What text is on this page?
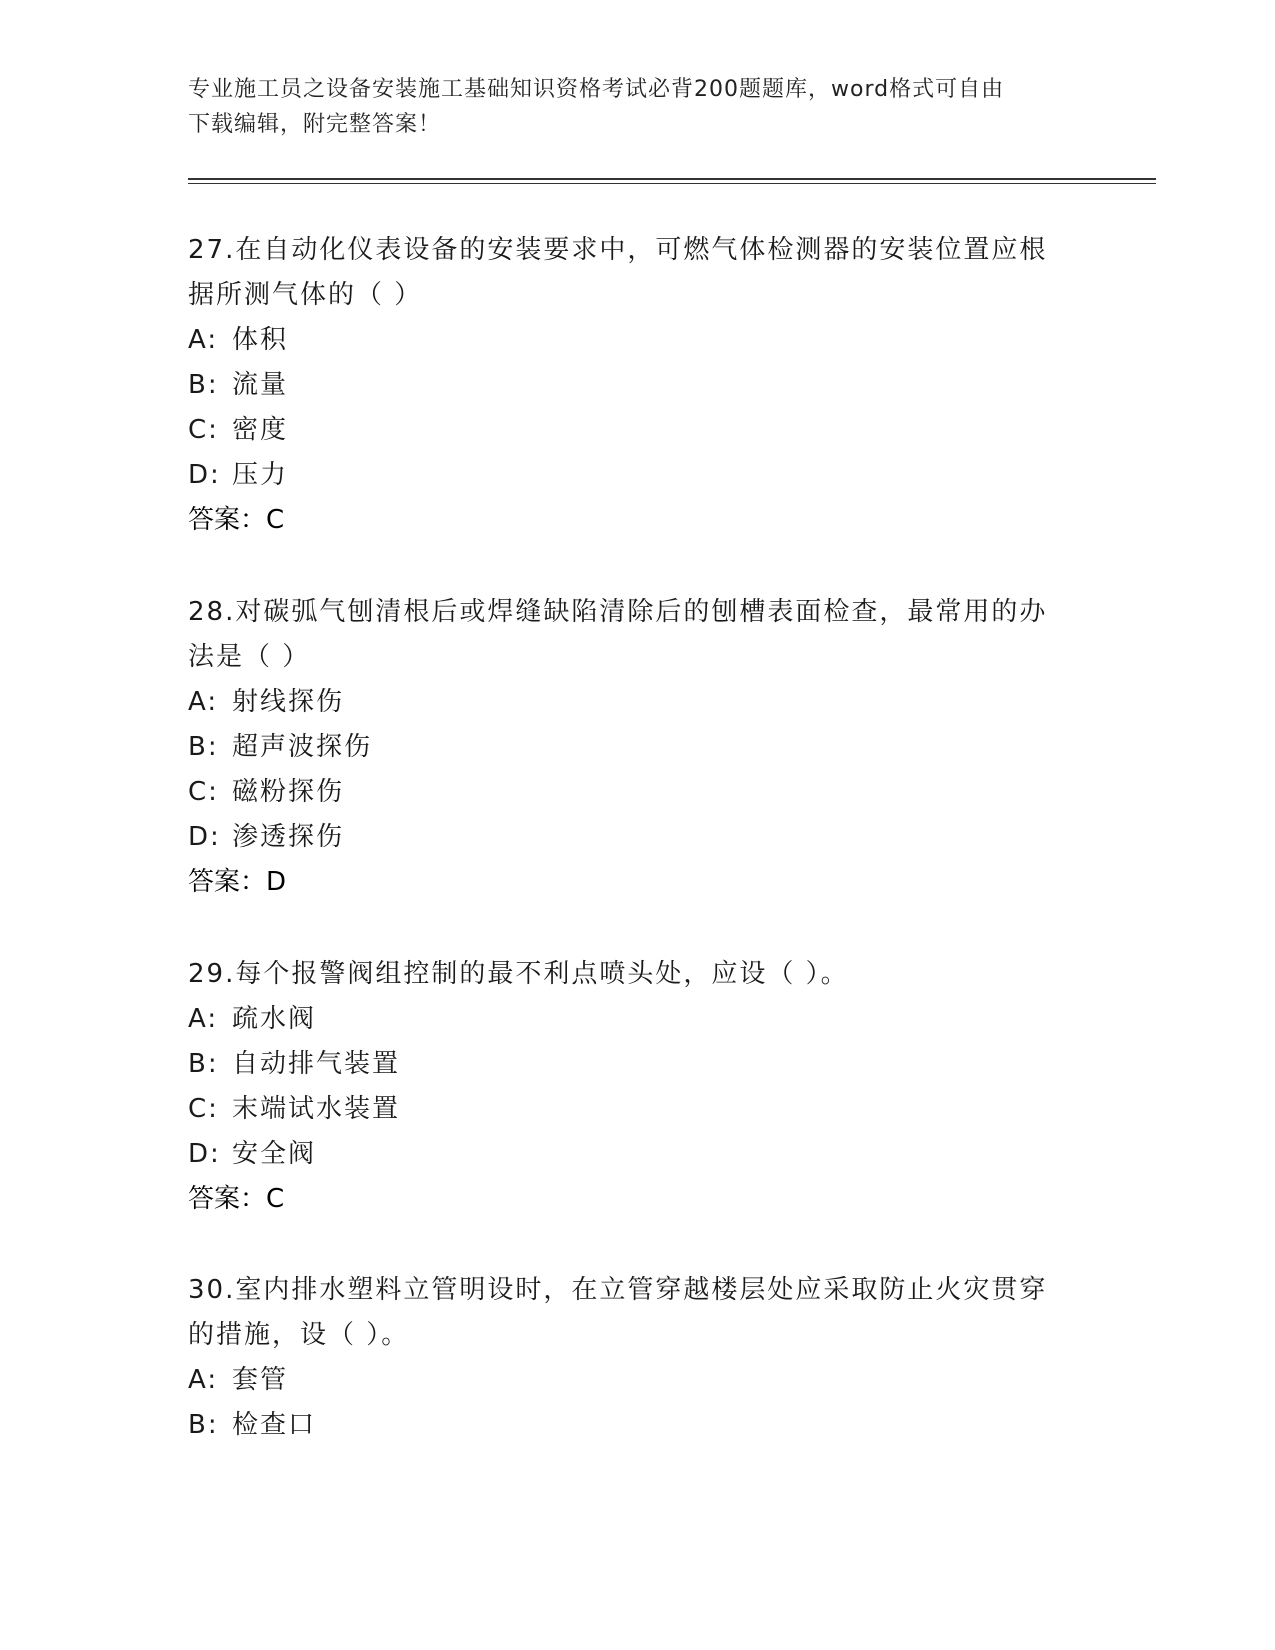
专业施工员之设备安装施工基础知识资格考试必背200题题库，word格式可自由
下载编辑，附完整答案！

27.在自动化仪表设备的安装要求中，可燃气体检测器的安装位置应根

据所测气体的（ ）

A: 体积

B: 流量

C: 密度

D: 压力

答案：C

28.对碳弧气刨清根后或焊缝缺陷清除后的刨槽表面检查，最常用的办

法是（ ）

A: 射线探伤

B: 超声波探伤

C: 磁粉探伤

D: 渗透探伤

答案：D

29.每个报警阀组控制的最不利点喷头处，应设（ ）。

A: 疏水阀

B: 自动排气装置

C: 末端试水装置

D: 安全阀

答案：C

30.室内排水塑料立管明设时，在立管穿越楼层处应采取防止火灾贯穿

的措施，设（ ）。

A: 套管

B: 检查口
